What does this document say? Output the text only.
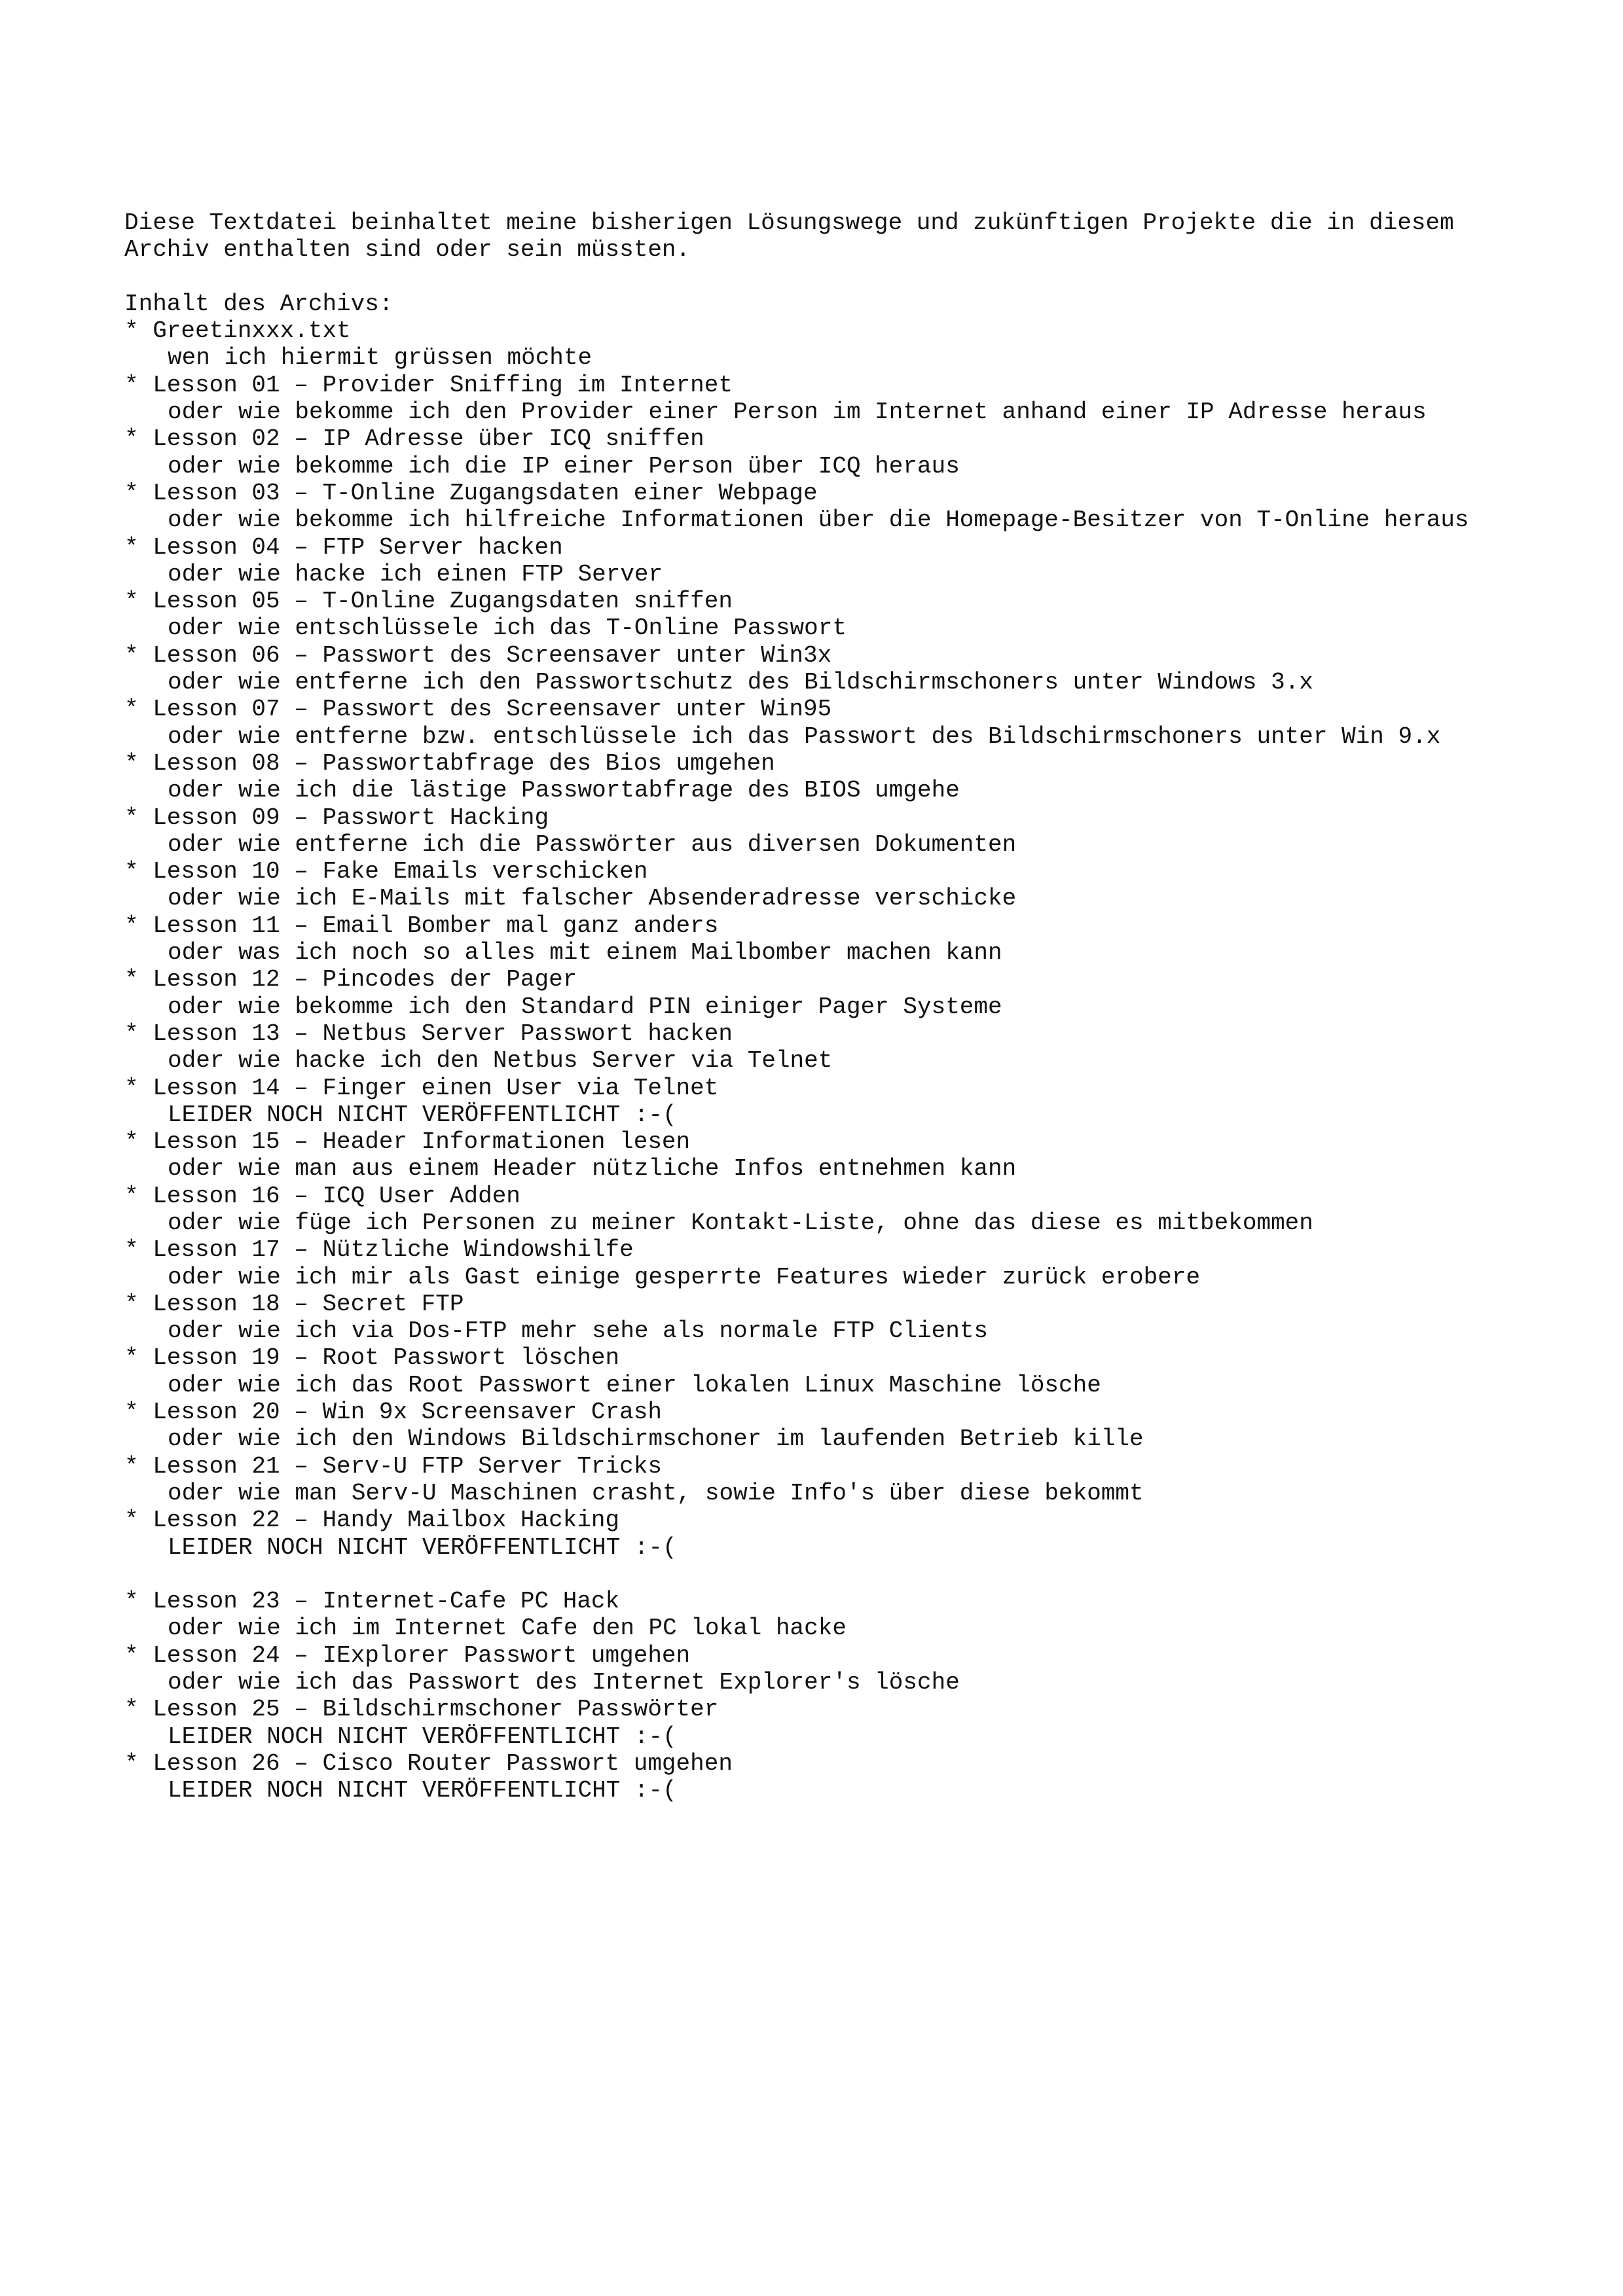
Diese Textdatei beinhaltet meine bisherigen Lösungswege und zukünftigen Projekte die in diesem
Archiv enthalten sind oder sein müssten.
Inhalt des Archivs:
* Greetinxxx.txt
wen ich hiermit grüssen möchte
* Lesson 01 – Provider Sniffing im Internet
oder wie bekomme ich den Provider einer Person im Internet anhand einer IP Adresse heraus
* Lesson 02 – IP Adresse über ICQ sniffen
oder wie bekomme ich die IP einer Person über ICQ heraus
* Lesson 03 – T-Online Zugangsdaten einer Webpage
oder wie bekomme ich hilfreiche Informationen über die Homepage-Besitzer von T-Online heraus
* Lesson 04 – FTP Server hacken
oder wie hacke ich einen FTP Server
* Lesson 05 – T-Online Zugangsdaten sniffen
oder wie entschlüssele ich das T-Online Passwort
* Lesson 06 – Passwort des Screensaver unter Win3x
oder wie entferne ich den Passwortschutz des Bildschirmschoners unter Windows 3.x
* Lesson 07 – Passwort des Screensaver unter Win95
oder wie entferne bzw. entschlüssele ich das Passwort des Bildschirmschoners unter Win 9.x
* Lesson 08 – Passwortabfrage des Bios umgehen
oder wie ich die lästige Passwortabfrage des BIOS umgehe
* Lesson 09 – Passwort Hacking
oder wie entferne ich die Passwörter aus diversen Dokumenten
* Lesson 10 – Fake Emails verschicken
oder wie ich E-Mails mit falscher Absenderadresse verschicke
* Lesson 11 – Email Bomber mal ganz anders
oder was ich noch so alles mit einem Mailbomber machen kann
* Lesson 12 – Pincodes der Pager
oder wie bekomme ich den Standard PIN einiger Pager Systeme
* Lesson 13 – Netbus Server Passwort hacken
oder wie hacke ich den Netbus Server via Telnet
* Lesson 14 – Finger einen User via Telnet
LEIDER NOCH NICHT VERÖFFENTLICHT :-(
* Lesson 15 – Header Informationen lesen
oder wie man aus einem Header nützliche Infos entnehmen kann
* Lesson 16 – ICQ User Adden
oder wie füge ich Personen zu meiner Kontakt-Liste, ohne das diese es mitbekommen
* Lesson 17 – Nützliche Windowshilfe
oder wie ich mir als Gast einige gesperrte Features wieder zurück erobere
* Lesson 18 – Secret FTP
oder wie ich via Dos-FTP mehr sehe als normale FTP Clients
* Lesson 19 – Root Passwort löschen
oder wie ich das Root Passwort einer lokalen Linux Maschine lösche
* Lesson 20 – Win 9x Screensaver Crash
oder wie ich den Windows Bildschirmschoner im laufenden Betrieb kille
* Lesson 21 – Serv-U FTP Server Tricks
oder wie man Serv-U Maschinen crasht, sowie Info's über diese bekommt
* Lesson 22 – Handy Mailbox Hacking
LEIDER NOCH NICHT VERÖFFENTLICHT :-(
* Lesson 23 – Internet-Cafe PC Hack
oder wie ich im Internet Cafe den PC lokal hacke
* Lesson 24 – IExplorer Passwort umgehen
oder wie ich das Passwort des Internet Explorer's lösche
* Lesson 25 – Bildschirmschoner Passwörter
LEIDER NOCH NICHT VERÖFFENTLICHT :-(
* Lesson 26 – Cisco Router Passwort umgehen
LEIDER NOCH NICHT VERÖFFENTLICHT :-(
